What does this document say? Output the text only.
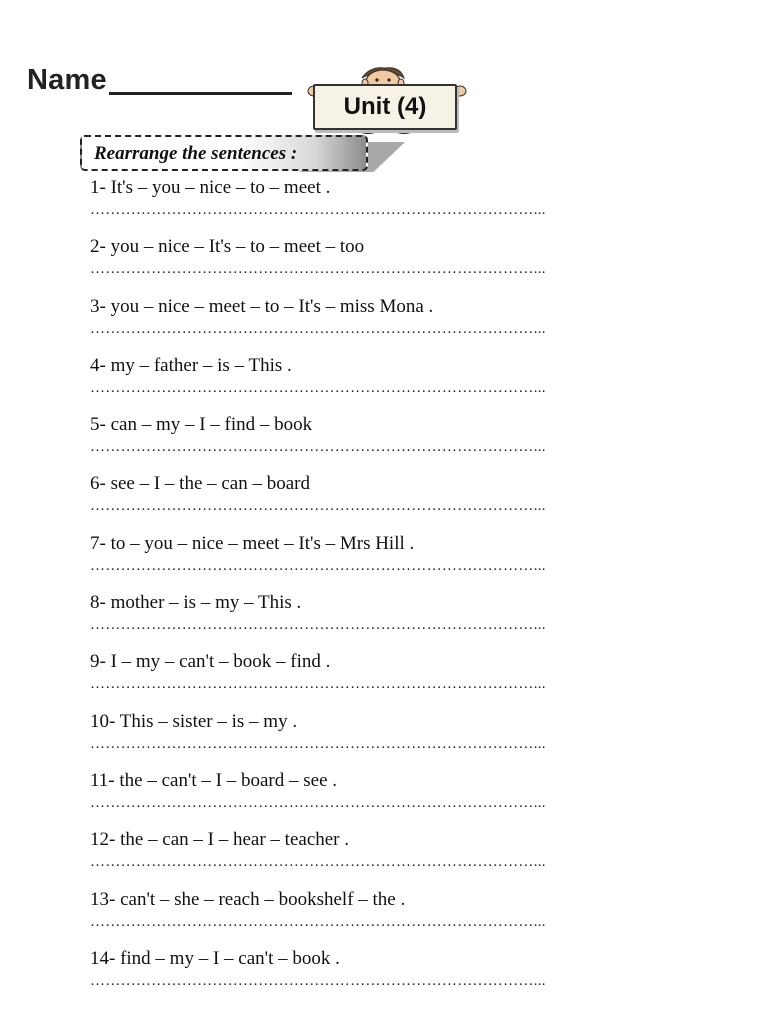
Name
Unit (4)
Rearrange the sentences :
1- It's – you – nice – to – meet .
……………………………………………………………………………...
2- you – nice – It's – to – meet – too
……………………………………………………………………………...
3- you – nice – meet – to – It's – miss Mona .
……………………………………………………………………………...
4- my – father – is – This .
……………………………………………………………………………...
5- can – my – I – find – book
……………………………………………………………………………...
6- see – I – the – can – board
……………………………………………………………………………...
7- to – you – nice – meet – It's – Mrs Hill .
……………………………………………………………………………...
8- mother – is – my – This .
……………………………………………………………………………...
9- I – my – can't – book – find .
……………………………………………………………………………...
10- This – sister – is – my .
……………………………………………………………………………...
11- the – can't – I – board – see .
……………………………………………………………………………...
12- the – can – I – hear – teacher .
……………………………………………………………………………...
13- can't – she – reach – bookshelf – the .
……………………………………………………………………………...
14- find – my – I – can't – book .
……………………………………………………………………………...
